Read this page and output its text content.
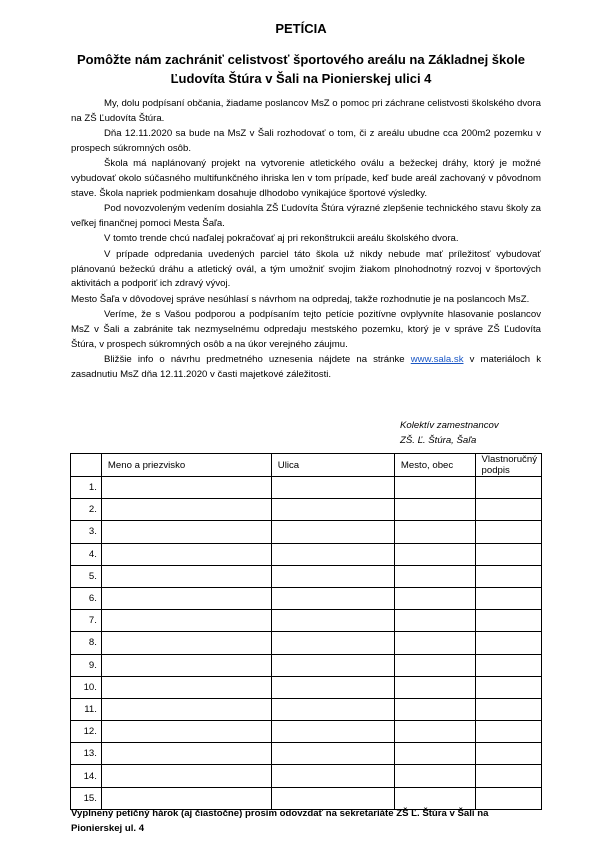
PETÍCIA
Pomôžte nám zachrániť celistvosť športového areálu na Základnej škole
Ľudovíta Štúra v Šali na Pionierskej ulici 4

My, dolu podpísaní občania, žiadame poslancov MsZ o pomoc pri záchrane celistvosti školského dvora na ZŠ Ľudovíta Štúra.

Dňa 12.11.2020 sa bude na MsZ v Šali rozhodovať o tom, či z areálu ubudne cca 200m2 pozemku v prospech súkromných osôb.

Škola má naplánovaný projekt na vytvorenie atletického oválu a bežeckej dráhy, ktorý je možné vybudovať okolo súčasného multifunkčného ihriska len v tom prípade, keď bude areál zachovaný v pôvodnom stave. Škola napriek podmienkam dosahuje dlhodobo vynikajúce športové výsledky.

Pod novozvoleným vedením dosiahla ZŠ Ľudovíta Štúra výrazné zlepšenie technického stavu školy za veľkej finančnej pomoci Mesta Šaľa.

V tomto trende chcú naďalej pokračovať aj pri rekonštrukcii areálu školského dvora.

V prípade odpredania uvedených parciel táto škola už nikdy nebude mať príležitosť vybudovať plánovanú bežeckú dráhu a atletický ovál, a tým umožniť svojim žiakom plnohodnotný rozvoj v športových aktivitách a podporiť ich zdravý vývoj.

Mesto Šaľa v dôvodovej správe nesúhlasí s návrhom na odpredaj, takže rozhodnutie je na poslancoch MsZ.

Veríme, že s Vašou podporou a podpísaním tejto petície pozitívne ovplyvníte hlasovanie poslancov MsZ v Šali a zabránite tak nezmyselnému odpredaju mestského pozemku, ktorý je v správe ZŠ Ľudovíta Štúra, v prospech súkromných osôb a na úkor verejného záujmu.

Bližšie info o návrhu predmetného uznesenia nájdete na stránke www.sala.sk v materiáloch k zasadnutiu MsZ dňa 12.11.2020 v časti majetkové záležitosti.

Kolektív zamestnancov
ZŠ. Ľ. Štúra, Šaľa
	Meno a priezvisko	Ulica	Mesto, obec	Vlastnoručný podpis
1.				
2.				
3.				
4.				
5.				
6.				
7.				
8.				
9.				
10.				
11.				
12.				
13.				
14.				
15.				
Vyplnený petičný hárok (aj čiastočne) prosím odovzdať na sekretariáte ZŠ Ľ. Štúra v Šali na
Pionierskej ul. 4
